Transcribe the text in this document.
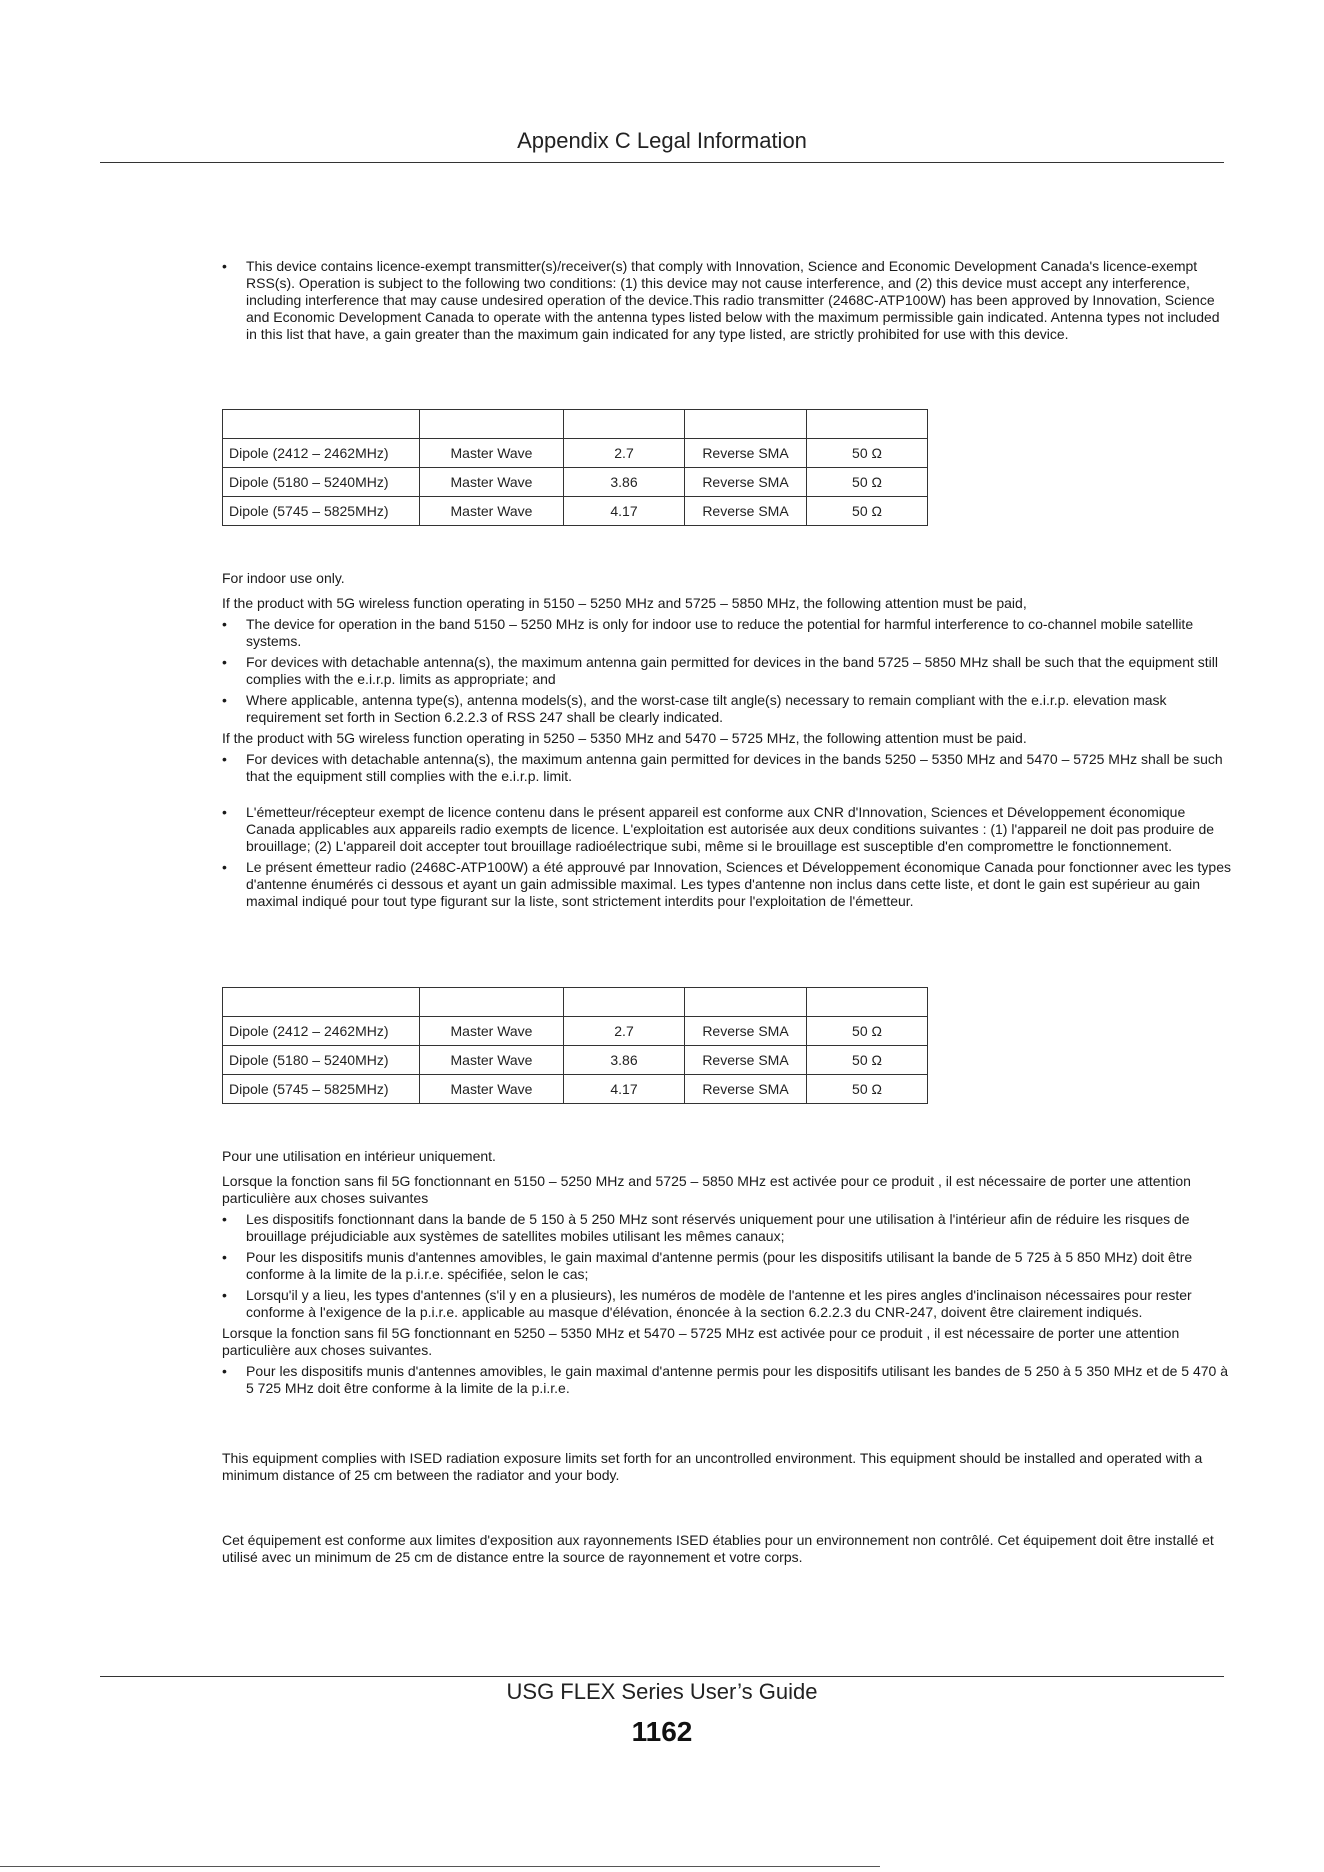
Appendix C Legal Information
• This device contains licence-exempt transmitter(s)/receiver(s) that comply with Innovation, Science and Economic Development Canada's licence-exempt RSS(s). Operation is subject to the following two conditions: (1) this device may not cause interference, and (2) this device must accept any interference, including interference that may cause undesired operation of the device.This radio transmitter (2468C-ATP100W) has been approved by Innovation, Science and Economic Development Canada to operate with the antenna types listed below with the maximum permissible gain indicated. Antenna types not included in this list that have, a gain greater than the maximum gain indicated for any type listed, are strictly prohibited for use with this device.

Dipole (2412 – 2462MHz)	Master Wave	2.7	Reverse SMA	50 Ω
Dipole (5180 – 5240MHz)	Master Wave	3.86	Reverse SMA	50 Ω
Dipole (5745 – 5825MHz)	Master Wave	4.17	Reverse SMA	50 Ω

For indoor use only.

If the product with 5G wireless function operating in 5150 – 5250 MHz and 5725 – 5850 MHz, the following attention must be paid,

• The device for operation in the band 5150 – 5250 MHz is only for indoor use to reduce the potential for harmful interference to co-channel mobile satellite systems.
• For devices with detachable antenna(s), the maximum antenna gain permitted for devices in the band 5725 – 5850 MHz shall be such that the equipment still complies with the e.i.r.p. limits as appropriate; and
• Where applicable, antenna type(s), antenna models(s), and the worst-case tilt angle(s) necessary to remain compliant with the e.i.r.p. elevation mask requirement set forth in Section 6.2.2.3 of RSS 247 shall be clearly indicated.

If the product with 5G wireless function operating in 5250 – 5350 MHz and 5470 – 5725 MHz, the following attention must be paid.

• For devices with detachable antenna(s), the maximum antenna gain permitted for devices in the bands 5250 – 5350 MHz and 5470 – 5725 MHz shall be such that the equipment still complies with the e.i.r.p. limit.
• L'émetteur/récepteur exempt de licence contenu dans le présent appareil est conforme aux CNR d'Innovation, Sciences et Développement économique Canada applicables aux appareils radio exempts de licence. L'exploitation est autorisée aux deux conditions suivantes : (1) l'appareil ne doit pas produire de brouillage; (2) L'appareil doit accepter tout brouillage radioélectrique subi, même si le brouillage est susceptible d'en compromettre le fonctionnement.
• Le présent émetteur radio (2468C-ATP100W) a été approuvé par Innovation, Sciences et Développement économique Canada pour fonctionner avec les types d'antenne énumérés ci dessous et ayant un gain admissible maximal. Les types d'antenne non inclus dans cette liste, et dont le gain est supérieur au gain maximal indiqué pour tout type figurant sur la liste, sont strictement interdits pour l'exploitation de l'émetteur.

Dipole (2412 – 2462MHz)	Master Wave	2.7	Reverse SMA	50 Ω
Dipole (5180 – 5240MHz)	Master Wave	3.86	Reverse SMA	50 Ω
Dipole (5745 – 5825MHz)	Master Wave	4.17	Reverse SMA	50 Ω

Pour une utilisation en intérieur uniquement.

Lorsque la fonction sans fil 5G fonctionnant en 5150 – 5250 MHz and 5725 – 5850 MHz est activée pour ce produit , il est nécessaire de porter une attention particulière aux choses suivantes

• Les dispositifs fonctionnant dans la bande de 5 150 à 5 250 MHz sont réservés uniquement pour une utilisation à l'intérieur afin de réduire les risques de brouillage préjudiciable aux systèmes de satellites mobiles utilisant les mêmes canaux;
• Pour les dispositifs munis d'antennes amovibles, le gain maximal d'antenne permis (pour les dispositifs utilisant la bande de 5 725 à 5 850 MHz) doit être conforme à la limite de la p.i.r.e. spécifiée, selon le cas;
• Lorsqu'il y a lieu, les types d'antennes (s'il y en a plusieurs), les numéros de modèle de l'antenne et les pires angles d'inclinaison nécessaires pour rester conforme à l'exigence de la p.i.r.e. applicable au masque d'élévation, énoncée à la section 6.2.2.3 du CNR-247, doivent être clairement indiqués.

Lorsque la fonction sans fil 5G fonctionnant en 5250 – 5350 MHz et 5470 – 5725 MHz est activée pour ce produit , il est nécessaire de porter une attention particulière aux choses suivantes.

• Pour les dispositifs munis d'antennes amovibles, le gain maximal d'antenne permis pour les dispositifs utilisant les bandes de 5 250 à 5 350 MHz et de 5 470 à 5 725 MHz doit être conforme à la limite de la p.i.r.e.

This equipment complies with ISED radiation exposure limits set forth for an uncontrolled environment. This equipment should be installed and operated with a minimum distance of 25 cm between the radiator and your body.

Cet équipement est conforme aux limites d'exposition aux rayonnements ISED établies pour un environnement non contrôlé. Cet équipement doit être installé et utilisé avec un minimum de 25 cm de distance entre la source de rayonnement et votre corps.

USG FLEX Series User’s Guide
1162
